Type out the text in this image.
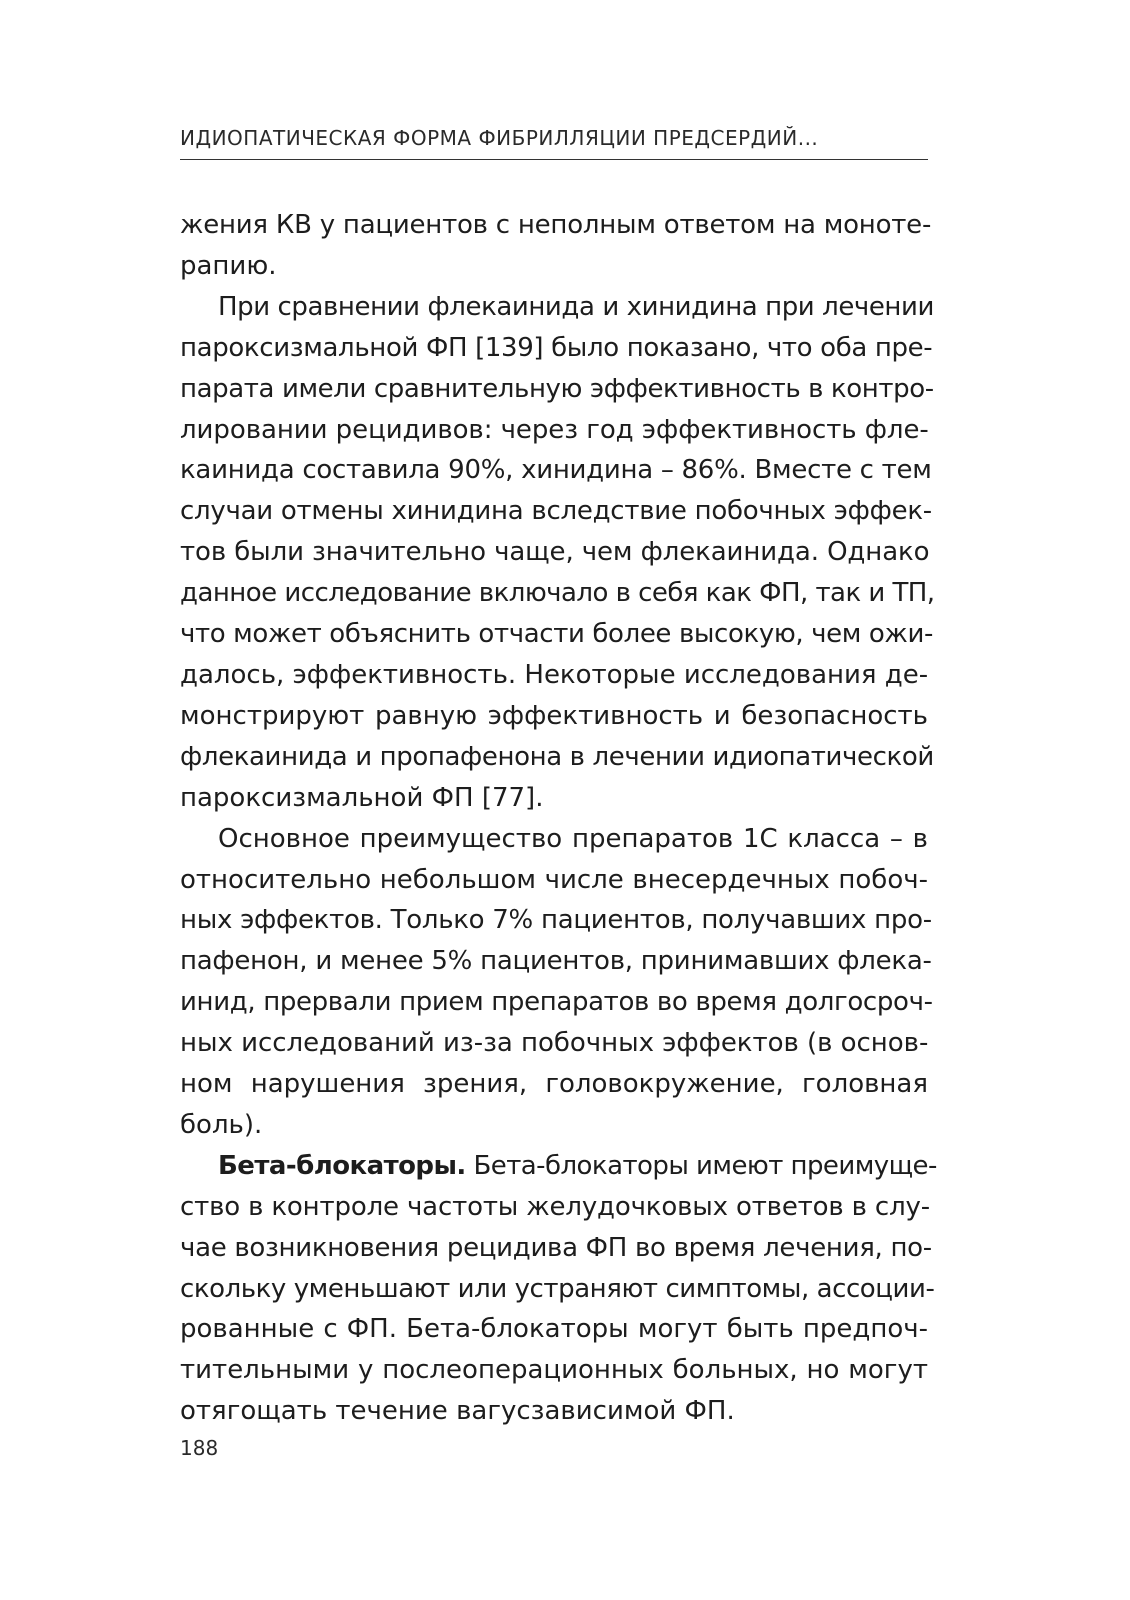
ИДИОПАТИЧЕСКАЯ ФОРМА ФИБРИЛЛЯЦИИ ПРЕДСЕРДИЙ...

жения КВ у пациентов с неполным ответом на моноте-
рапию.

При сравнении флекаинида и хинидина при лечении
пароксизмальной ФП [139] было показано, что оба пре-
парата имели сравнительную эффективность в контро-
лировании рецидивов: через год эффективность фле-
каинида составила 90%, хинидина – 86%. Вместе с тем
случаи отмены хинидина вследствие побочных эффек-
тов были значительно чаще, чем флекаинида. Однако
данное исследование включало в себя как ФП, так и ТП,
что может объяснить отчасти более высокую, чем ожи-
далось, эффективность. Некоторые исследования де-
монстрируют равную эффективность и безопасность
флекаинида и пропафенона в лечении идиопатической
пароксизмальной ФП [77].

Основное преимущество препаратов 1С класса – в
относительно небольшом числе внесердечных побоч-
ных эффектов. Только 7% пациентов, получавших про-
пафенон, и менее 5% пациентов, принимавших флека-
инид, прервали прием препаратов во время долгосроч-
ных исследований из-за побочных эффектов (в основ-
ном нарушения зрения, головокружение, головная
боль).

Бета-блокаторы. Бета-блокаторы имеют преимуще-
ство в контроле частоты желудочковых ответов в слу-
чае возникновения рецидива ФП во время лечения, по-
скольку уменьшают или устраняют симптомы, ассоции-
рованные с ФП. Бета-блокаторы могут быть предпоч-
тительными у послеоперационных больных, но могут
отягощать течение вагусзависимой ФП.

188
